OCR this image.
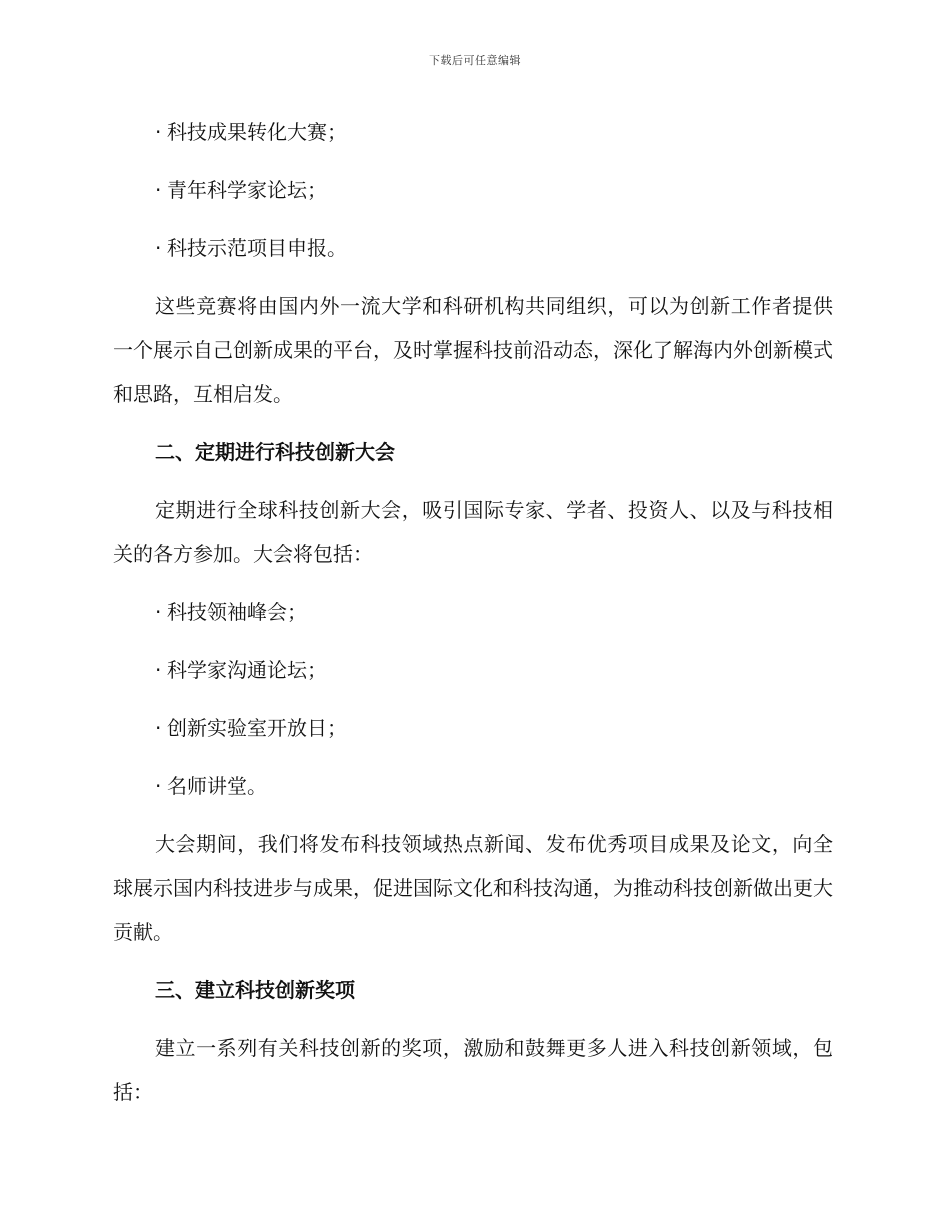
下载后可任意编辑

· 科技成果转化大赛；

· 青年科学家论坛；

· 科技示范项目申报。

这些竞赛将由国内外一流大学和科研机构共同组织，可以为创新工作者提供一个展示自己创新成果的平台，及时掌握科技前沿动态，深化了解海内外创新模式和思路，互相启发。

二、定期进行科技创新大会

定期进行全球科技创新大会，吸引国际专家、学者、投资人、以及与科技相关的各方参加。大会将包括：

· 科技领袖峰会；

· 科学家沟通论坛；

· 创新实验室开放日；

· 名师讲堂。

大会期间，我们将发布科技领域热点新闻、发布优秀项目成果及论文，向全球展示国内科技进步与成果，促进国际文化和科技沟通，为推动科技创新做出更大贡献。

三、建立科技创新奖项

建立一系列有关科技创新的奖项，激励和鼓舞更多人进入科技创新领域，包括：
